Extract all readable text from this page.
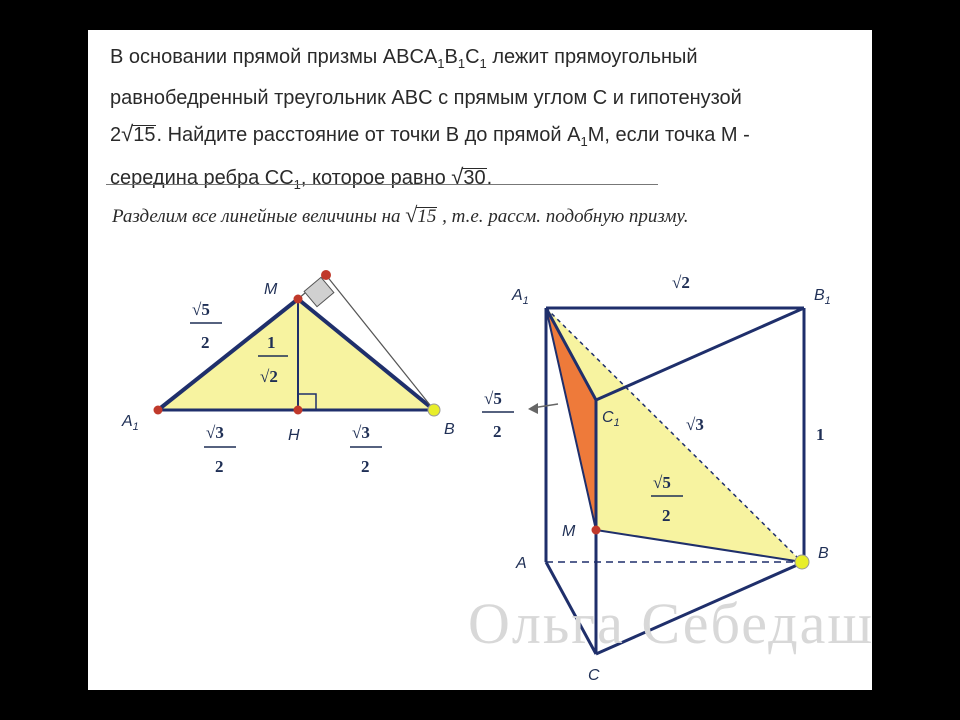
В основании прямой призмы $ABCA_1B_1C_1$ лежит прямоугольный
равнобедренный треугольник ABC с прямым углом C и гипотенузой
2√15. Найдите расстояние от точки B до прямой $A_1M$, если точка M -
середина ребра $CC_1$, которое равно √30.
Разделим все линейные величины на √15 , т.е. рассм. подобную призму.
M
$A_1$	H	B
√5
2	1
√2
√3
2
√3
2
$A_1$	$B_1$
$C_1$
A
B
C
M
√2
1
√3
√5
2
√5
2
Ольга Себедаш
